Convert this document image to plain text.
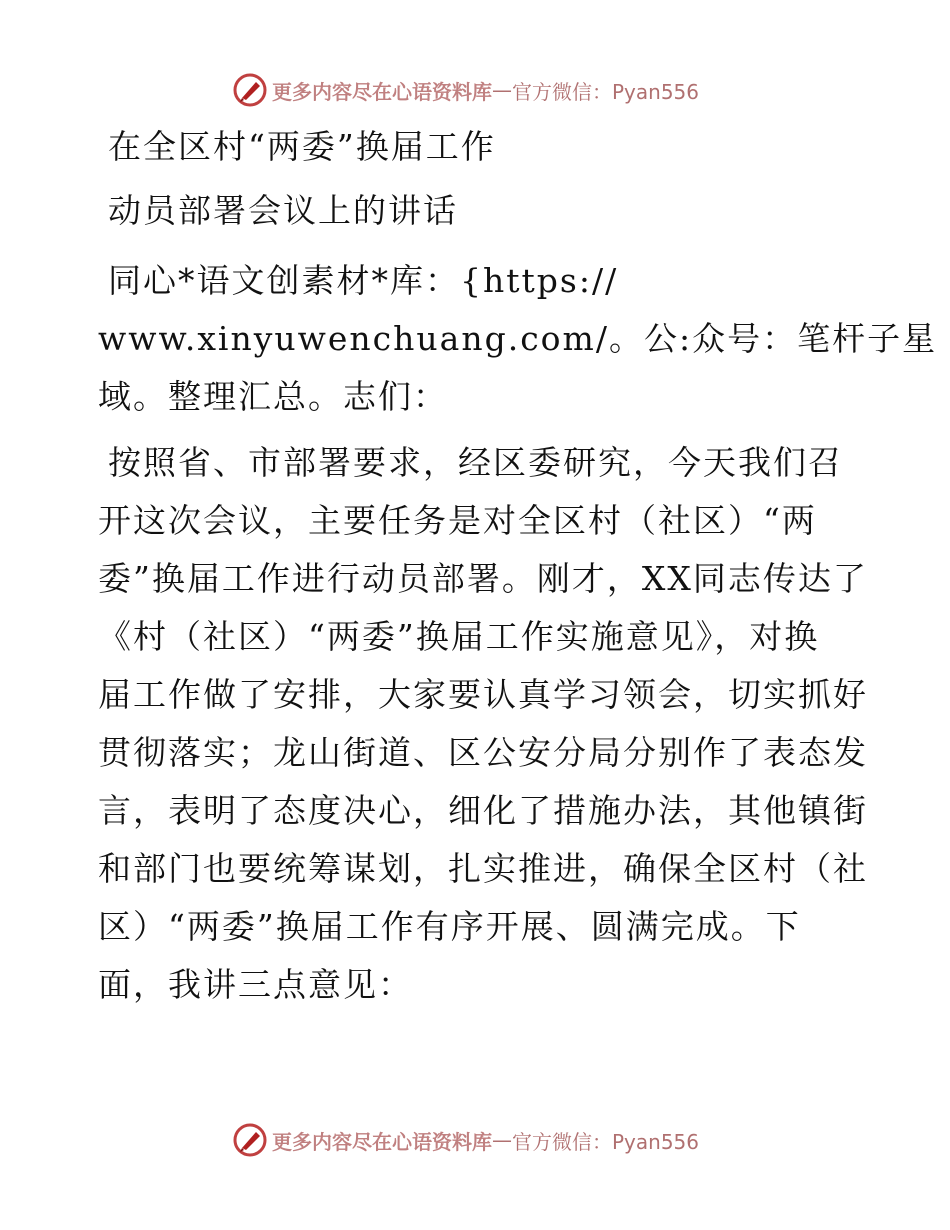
更多内容尽在心语资料库 — 官方微信：Pyan556

在全区村“两委”换届工作

动员部署会议上的讲话

同心*语文创素材*库：{https://

www.xinyuwenchuang.com/。公:众号：笔杆子星

域。整理汇总。志们：

按照省、市部署要求，经区委研究，今天我们召

开这次会议，主要任务是对全区村（社区）“两

委”换届工作进行动员部署。刚才，XX同志传达了

《村（社区）“两委”换届工作实施意见》，对换

届工作做了安排，大家要认真学习领会，切实抓好

贯彻落实；龙山街道、区公安分局分别作了表态发

言，表明了态度决心，细化了措施办法，其他镇街

和部门也要统筹谋划，扎实推进，确保全区村（社

区）“两委”换届工作有序开展、圆满完成。下

面，我讲三点意见：

更多内容尽在心语资料库 — 官方微信：Pyan556
